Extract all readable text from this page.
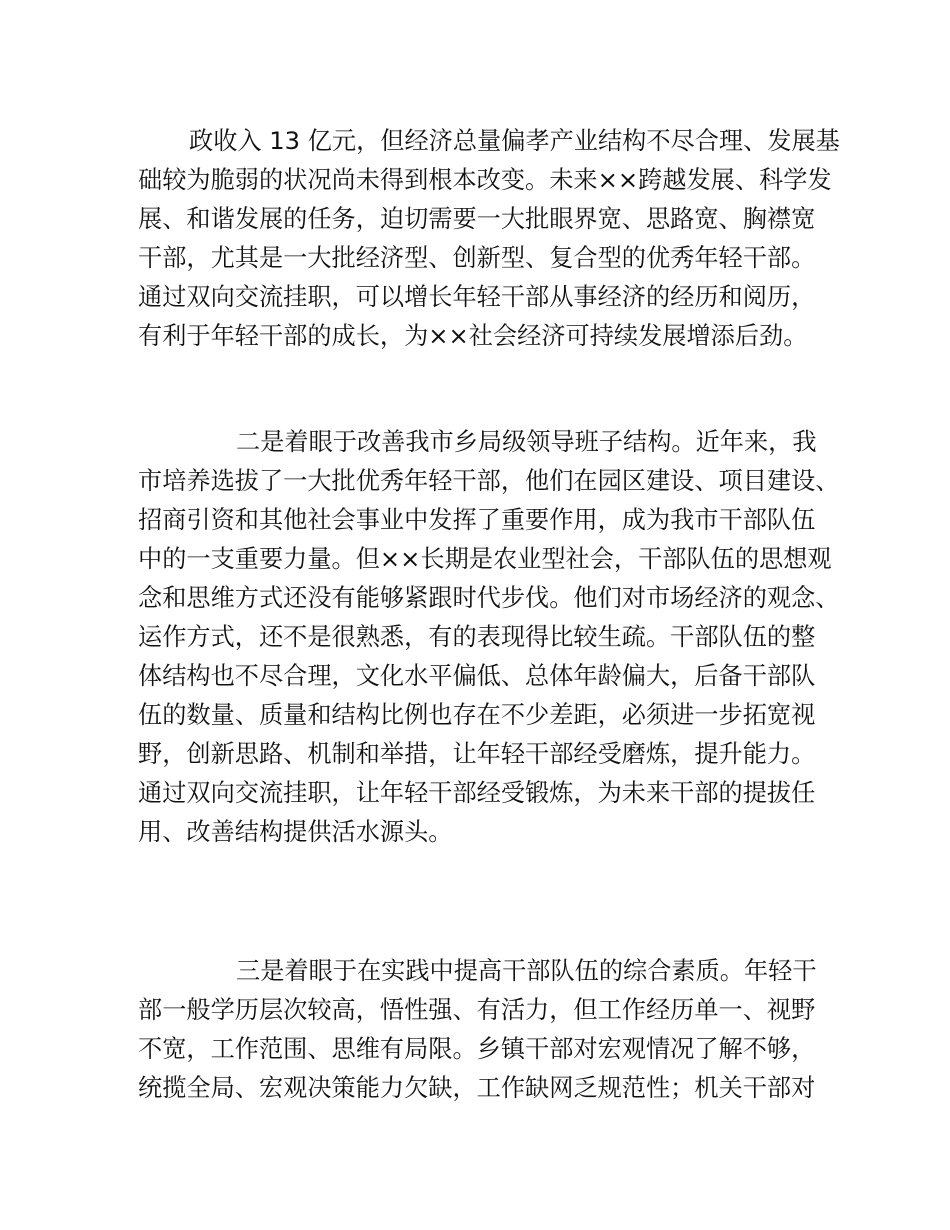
政收入 13 亿元，但经济总量偏孝产业结构不尽合理、发展基

础较为脆弱的状况尚未得到根本改变。未来××跨越发展、科学发

展、和谐发展的任务，迫切需要一大批眼界宽、思路宽、胸襟宽

干部，尤其是一大批经济型、创新型、复合型的优秀年轻干部。

通过双向交流挂职，可以增长年轻干部从事经济的经历和阅历，

有利于年轻干部的成长，为××社会经济可持续发展增添后劲。

二是着眼于改善我市乡局级领导班子结构。近年来，我

市培养选拔了一大批优秀年轻干部，他们在园区建设、项目建设、

招商引资和其他社会事业中发挥了重要作用，成为我市干部队伍

中的一支重要力量。但××长期是农业型社会，干部队伍的思想观

念和思维方式还没有能够紧跟时代步伐。他们对市场经济的观念、

运作方式，还不是很熟悉，有的表现得比较生疏。干部队伍的整

体结构也不尽合理，文化水平偏低、总体年龄偏大，后备干部队

伍的数量、质量和结构比例也存在不少差距，必须进一步拓宽视

野，创新思路、机制和举措，让年轻干部经受磨炼，提升能力。

通过双向交流挂职，让年轻干部经受锻炼，为未来干部的提拔任

用、改善结构提供活水源头。

三是着眼于在实践中提高干部队伍的综合素质。年轻干

部一般学历层次较高，悟性强、有活力，但工作经历单一、视野

不宽，工作范围、思维有局限。乡镇干部对宏观情况了解不够，

统揽全局、宏观决策能力欠缺，工作缺网乏规范性；机关干部对
